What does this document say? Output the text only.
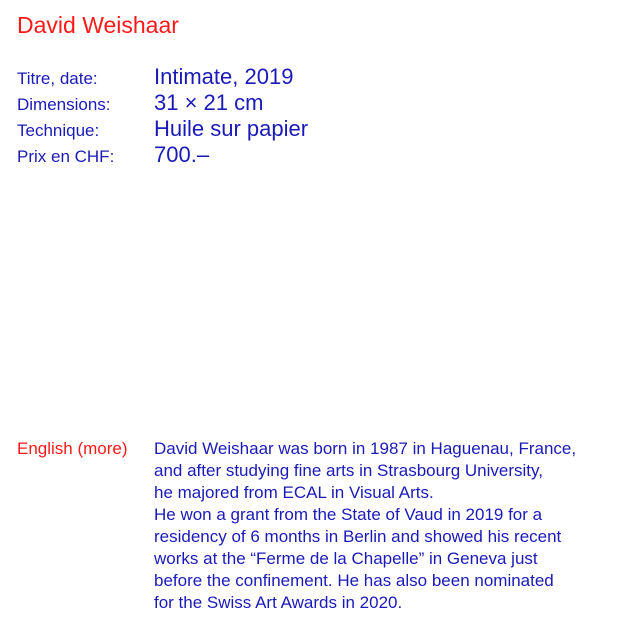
David Weishaar
Titre, date:	Intimate, 2019
Dimensions:	31 × 21 cm
Technique:	Huile sur papier
Prix en CHF:	700.–
English (more)	David Weishaar was born in 1987 in Haguenau, France,
and after studying fine arts in Strasbourg University,
he majored from ECAL in Visual Arts.
He won a grant from the State of Vaud in 2019 for a
residency of 6 months in Berlin and showed his recent
works at the “Ferme de la Chapelle” in Geneva just
before the confinement. He has also been nominated
for the Swiss Art Awards in 2020.
